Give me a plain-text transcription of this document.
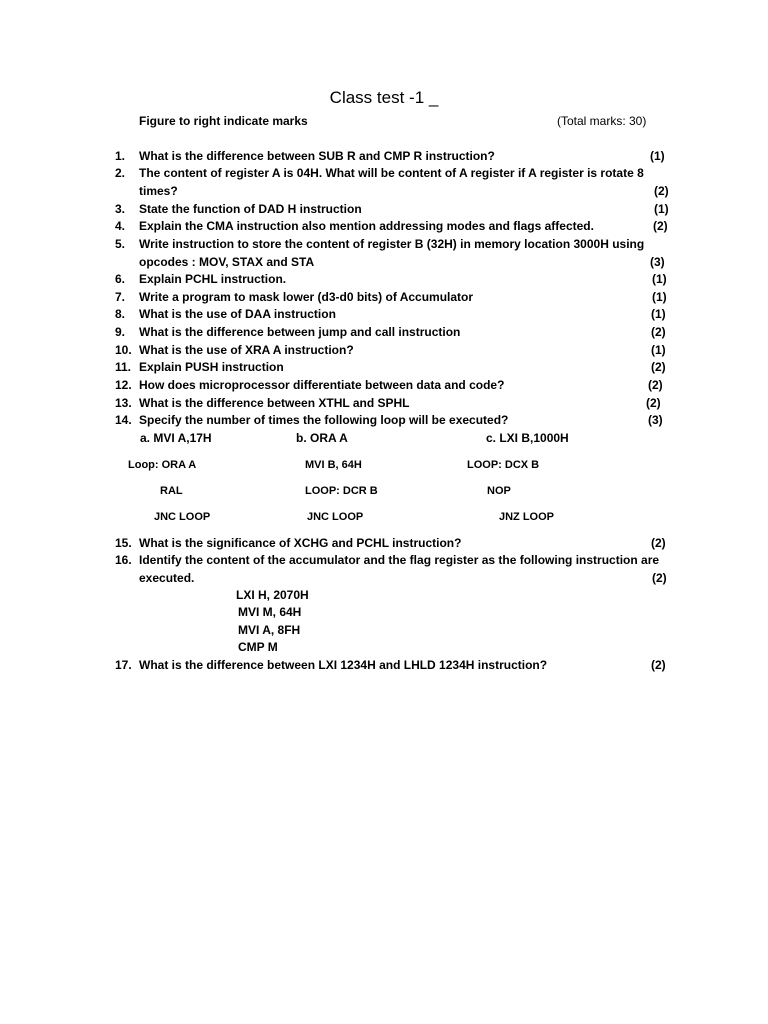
Class test -1 _
Figure to right indicate marks	(Total marks: 30)
1. What is the difference between SUB R and CMP R instruction?	(1)
2. The content of register A is 04H. What will be content of A register if A register is rotate 8
times?	(2)
3. State the function of DAD H instruction	(1)
4. Explain the CMA instruction also mention addressing modes and flags affected.	(2)
5. Write instruction to store the content of register B (32H) in memory location 3000H using
opcodes : MOV, STAX and STA	(3)
6. Explain PCHL instruction.	(1)
7. Write a program to mask lower (d3-d0 bits) of Accumulator	(1)
8. What is the use of DAA instruction	(1)
9. What is the difference between jump and call instruction	(2)
10. What is the use of XRA A instruction?	(1)
11. Explain PUSH instruction	(2)
12. How does microprocessor differentiate between data and code?	(2)
13. What is the difference between XTHL and SPHL	(2)
14. Specify the number of times the following loop will be executed?	(3)
a. MVI A,17H	b. ORA A	c. LXI B,1000H
Loop: ORA A	MVI B, 64H	LOOP: DCX B
RAL	LOOP: DCR B	NOP
JNC LOOP	JNC LOOP	JNZ LOOP
15. What is the significance of XCHG and PCHL instruction?	(2)
16. Identify the content of the accumulator and the flag register as the following instruction are
executed.	(2)
LXI H, 2070H
MVI M, 64H
MVI A, 8FH
CMP M
17. What is the difference between LXI 1234H and LHLD 1234H instruction?	(2)
